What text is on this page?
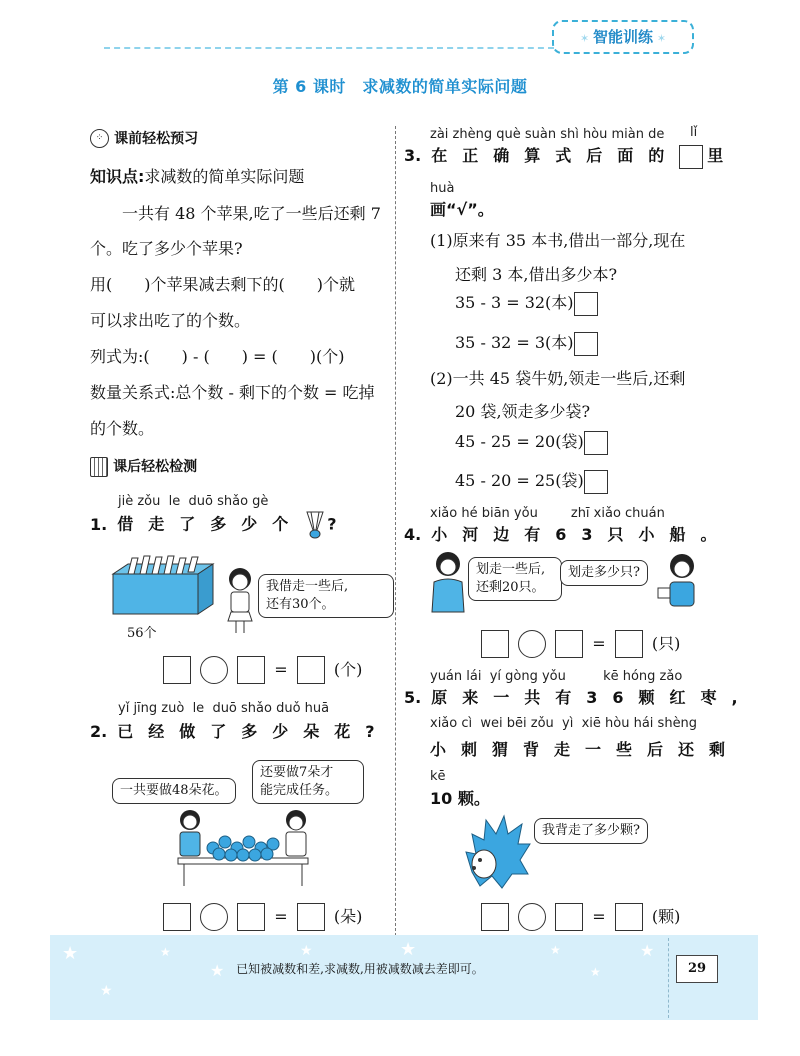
✶ 智能训练 ✶
第 6 课时　求减数的简单实际问题
⁘ 课前轻松预习
知识点:求减数的简单实际问题
一共有 48 个苹果,吃了一些后还剩 7
个。吃了多少个苹果?
用(　　)个苹果减去剩下的(　　)个就
可以求出吃了的个数。
列式为:(　　) - (　　) = (　　)(个)
数量关系式:总个数 - 剩下的个数 = 吃掉
的个数。
课后轻松检测
jiè zǒu  le  duō shǎo gè
1. 借走了多少个 ?
56个
我借走一些后,
还有30个。
=	(个)
yǐ jīng zuò  le  duō shǎo duǒ huā
2. 已经做了多少朵花?
一共要做48朵花。
还要做7朵才
能完成任务。
=	(朵)
zài zhèng què suàn shì hòu miàn de lǐ
3. 在正确算式后面的 里
huà
画“√”。
(1)原来有 35 本书,借出一部分,现在
还剩 3 本,借出多少本?
35 - 3 = 32(本)
35 - 32 = 3(本)
(2)一共 45 袋牛奶,领走一些后,还剩
20 袋,领走多少袋?
45 - 25 = 20(袋)
45 - 20 = 25(袋)
xiǎo hé biān yǒu        zhī xiǎo chuán
4. 小河边有63只小船。
划走一些后,
还剩20只。
划走多少只?
=	(只)
yuán lái  yí gòng yǒu         kē hóng zǎo
5. 原来一共有36颗红枣,
xiǎo cì  wei bēi zǒu  yì  xiē hòu hái shèng
小刺猬背走一些后还剩
kē
10 颗。
我背走了多少颗?
=	(颗)
★
★
★
★
★	★	★
★
★
已知被减数和差,求减数,用被减数减去差即可。	29
